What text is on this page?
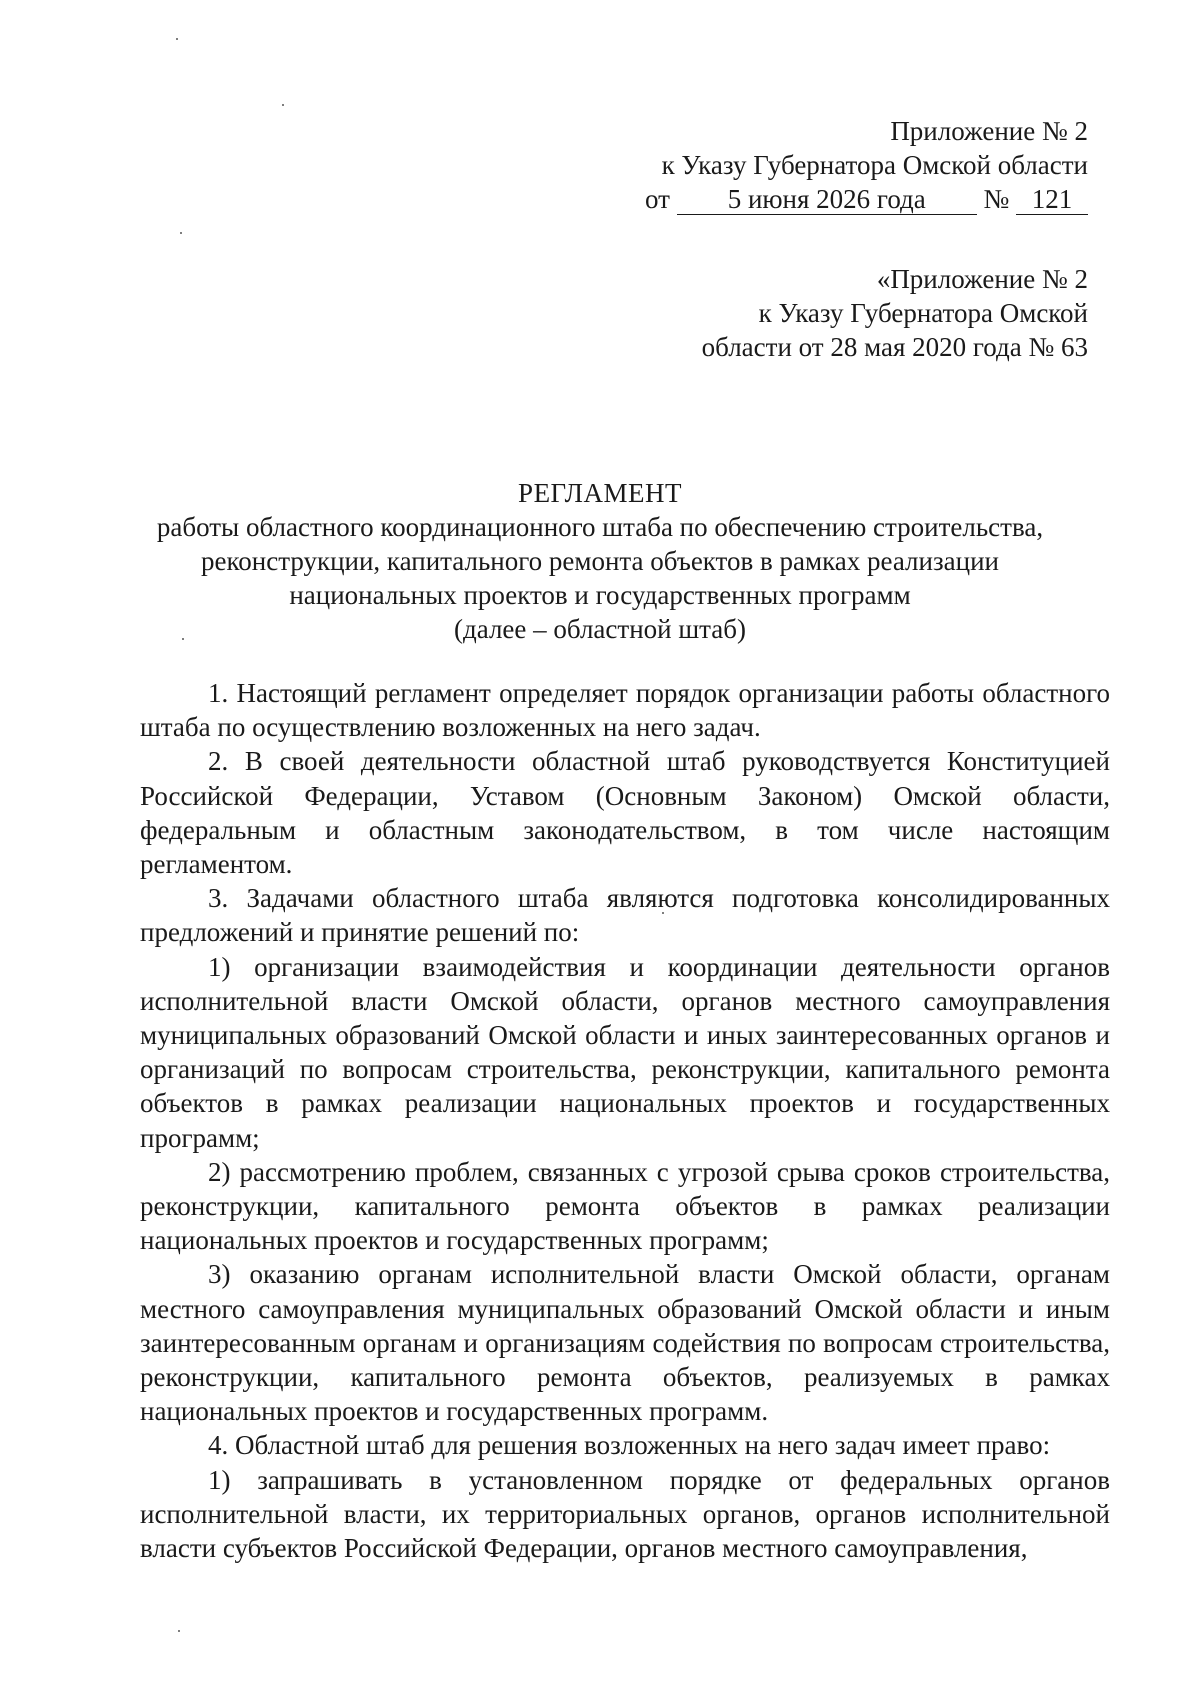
Приложение № 2
к Указу Губернатора Омской области
от 5 июня 2026 года № 121
«Приложение № 2
к Указу Губернатора Омской
области от 28 мая 2020 года № 63
РЕГЛАМЕНТ
работы областного координационного штаба по обеспечению строительства,
реконструкции, капитального ремонта объектов в рамках реализации
национальных проектов и государственных программ
(далее – областной штаб)

1. Настоящий регламент определяет порядок организации работы областного штаба по осуществлению возложенных на него задач.

2. В своей деятельности областной штаб руководствуется Конституцией Российской Федерации, Уставом (Основным Законом) Омской области, федеральным и областным законодательством, в том числе настоящим регламентом.

3. Задачами областного штаба являются подготовка консолидированных предложений и принятие решений по:

1) организации взаимодействия и координации деятельности органов исполнительной власти Омской области, органов местного самоуправления муниципальных образований Омской области и иных заинтересованных органов и организаций по вопросам строительства, реконструкции, капитального ремонта объектов в рамках реализации национальных проектов и государственных программ;

2) рассмотрению проблем, связанных с угрозой срыва сроков строительства, реконструкции, капитального ремонта объектов в рамках реализации национальных проектов и государственных программ;

3) оказанию органам исполнительной власти Омской области, органам местного самоуправления муниципальных образований Омской области и иным заинтересованным органам и организациям содействия по вопросам строительства, реконструкции, капитального ремонта объектов, реализуемых в рамках национальных проектов и государственных программ.

4. Областной штаб для решения возложенных на него задач имеет право:

1) запрашивать в установленном порядке от федеральных органов исполнительной власти, их территориальных органов, органов исполнительной власти субъектов Российской Федерации, органов местного самоуправления,
